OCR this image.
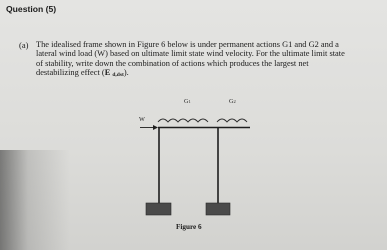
Question (5)
(a) The idealised frame shown in Figure 6 below is under permanent actions G1 and G2 and a
lateral wind load (W) based on ultimate limit state wind velocity. For the ultimate limit state
of stability, write down the combination of actions which produces the largest net
destabilizing effect (E d,dst).
G1	G2
W
Figure 6
